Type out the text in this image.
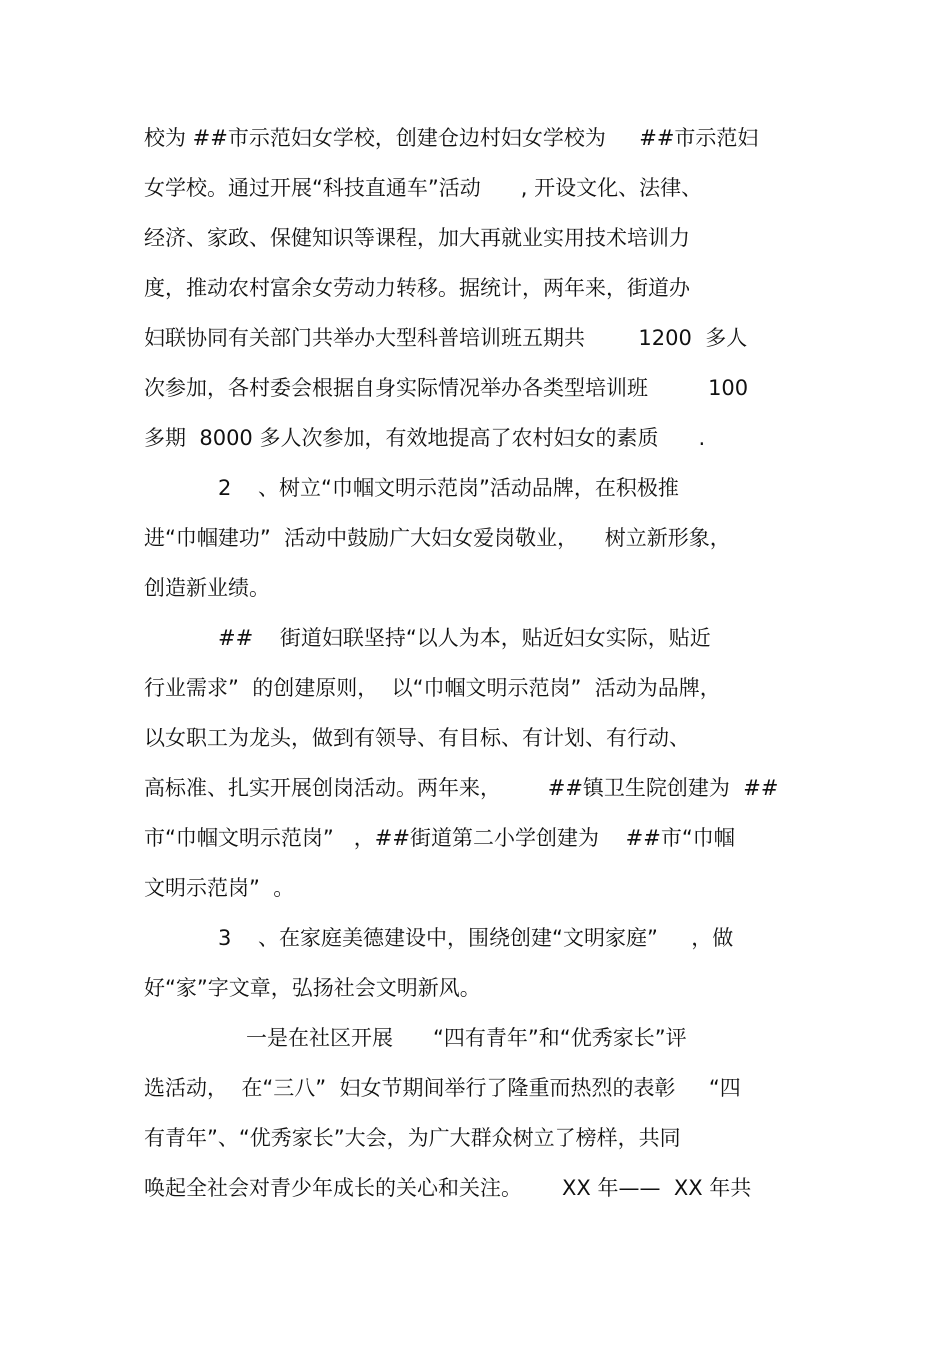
校为 ##市示范妇女学校，创建仓边村妇女学校为     ##市示范妇
女学校。通过开展“科技直通车”活动      , 开设文化、法律、
经济、家政、保健知识等课程，加大再就业实用技术培训力
度，推动农村富余女劳动力转移。据统计，两年来，街道办
妇联协同有关部门共举办大型科普培训班五期共        1200  多人
次参加，各村委会根据自身实际情况举办各类型培训班         100
多期  8000 多人次参加，有效地提高了农村妇女的素质      .
2    、树立“巾帼文明示范岗”活动品牌，在积极推
进“巾帼建功”  活动中鼓励广大妇女爱岗敬业，    树立新形象，
创造新业绩。
##    街道妇联坚持“以人为本，贴近妇女实际，贴近
行业需求”  的创建原则，  以“巾帼文明示范岗”  活动为品牌，
以女职工为龙头，做到有领导、有目标、有计划、有行动、
高标准、扎实开展创岗活动。两年来，       ##镇卫生院创建为  ##
市“巾帼文明示范岗”   ，##街道第二小学创建为    ##市“巾帼
文明示范岗”  。
3    、在家庭美德建设中，围绕创建“文明家庭”     ，做
好“家”字文章，弘扬社会文明新风。
一是在社区开展      “四有青年”和“优秀家长”评
选活动，  在“三八”  妇女节期间举行了隆重而热烈的表彰     “四
有青年”、“优秀家长”大会，为广大群众树立了榜样，共同
唤起全社会对青少年成长的关心和关注。      XX 年——  XX 年共
